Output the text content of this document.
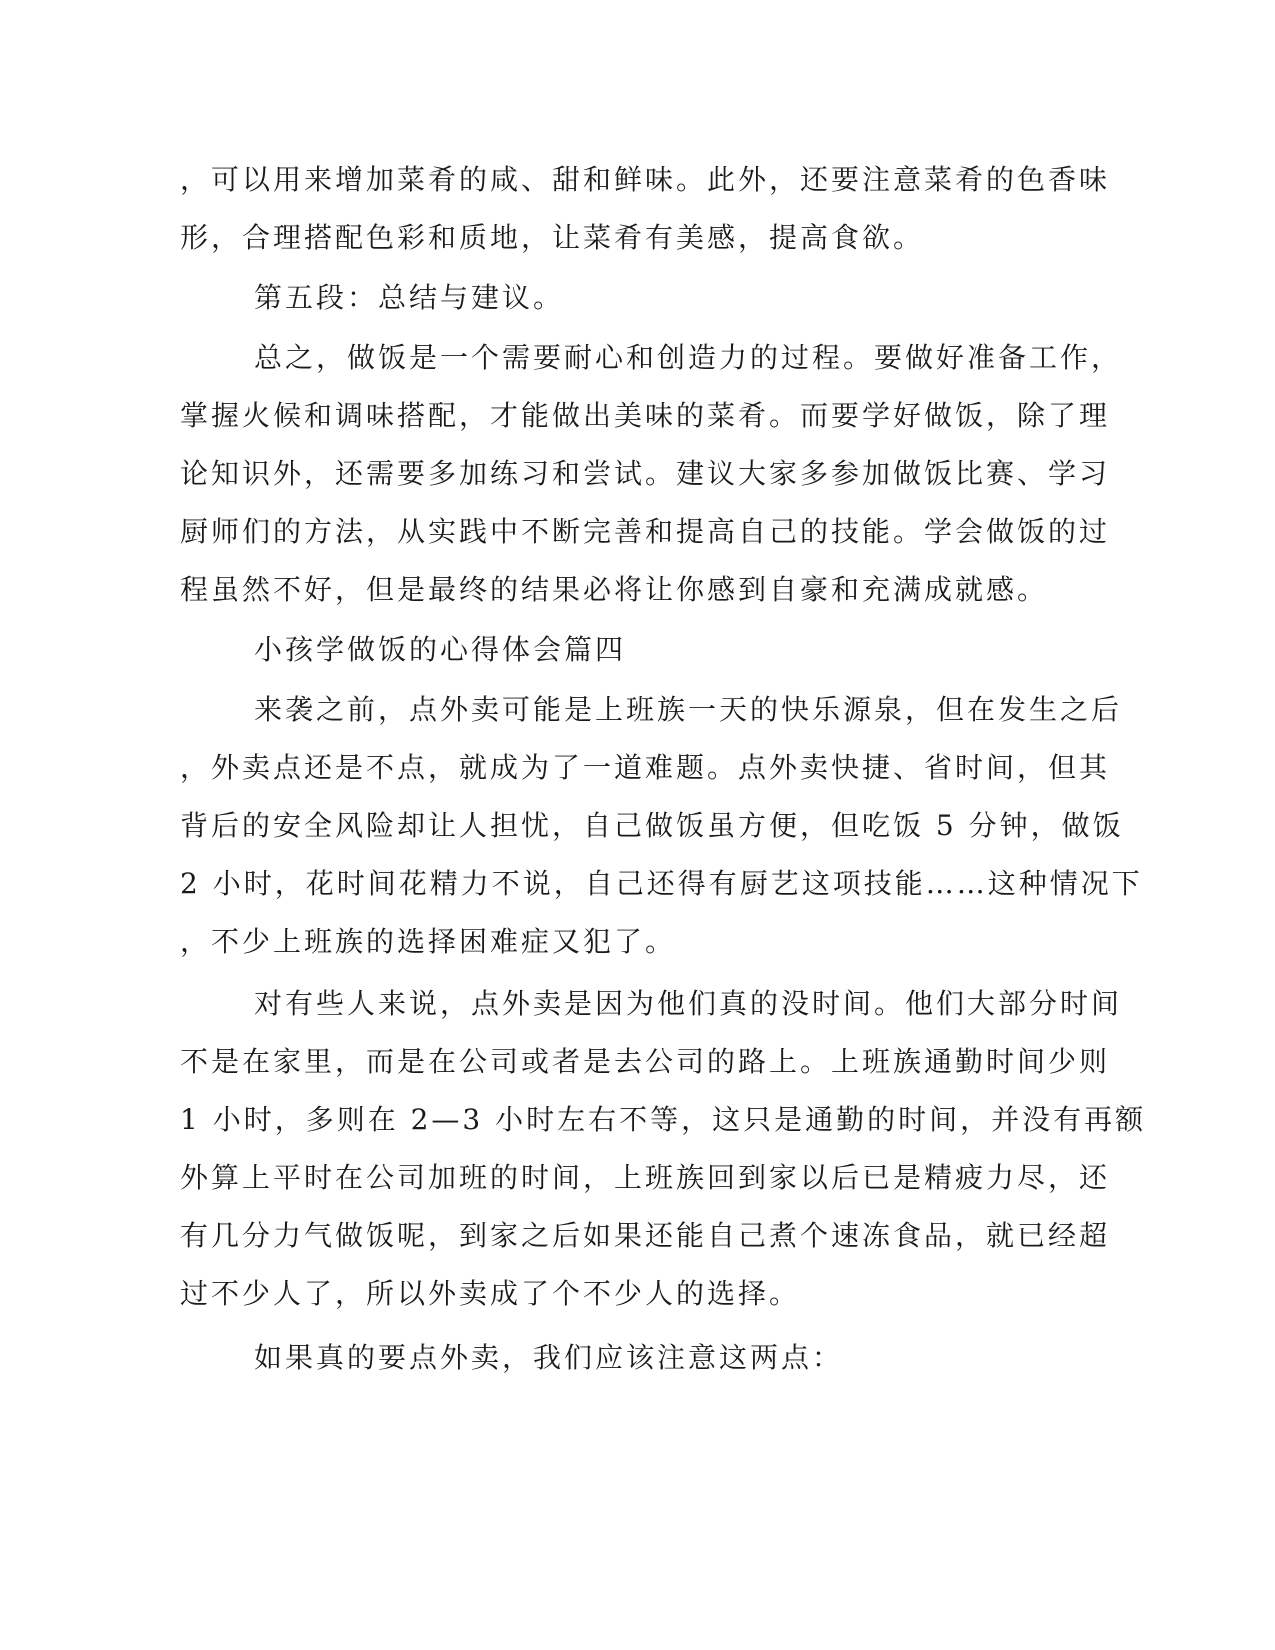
，可以用来增加菜肴的咸、甜和鲜味。此外，还要注意菜肴的色香味
形，合理搭配色彩和质地，让菜肴有美感，提高食欲。
第五段：总结与建议。
总之，做饭是一个需要耐心和创造力的过程。要做好准备工作，
掌握火候和调味搭配，才能做出美味的菜肴。而要学好做饭，除了理
论知识外，还需要多加练习和尝试。建议大家多参加做饭比赛、学习
厨师们的方法，从实践中不断完善和提高自己的技能。学会做饭的过
程虽然不好，但是最终的结果必将让你感到自豪和充满成就感。
小孩学做饭的心得体会篇四
来袭之前，点外卖可能是上班族一天的快乐源泉，但在发生之后
，外卖点还是不点，就成为了一道难题。点外卖快捷、省时间，但其
背后的安全风险却让人担忧，自己做饭虽方便，但吃饭 5 分钟，做饭
2 小时，花时间花精力不说，自己还得有厨艺这项技能……这种情况下
，不少上班族的选择困难症又犯了。
对有些人来说，点外卖是因为他们真的没时间。他们大部分时间
不是在家里，而是在公司或者是去公司的路上。上班族通勤时间少则
1 小时，多则在 2—3 小时左右不等，这只是通勤的时间，并没有再额
外算上平时在公司加班的时间，上班族回到家以后已是精疲力尽，还
有几分力气做饭呢，到家之后如果还能自己煮个速冻食品，就已经超
过不少人了，所以外卖成了个不少人的选择。
如果真的要点外卖，我们应该注意这两点：
